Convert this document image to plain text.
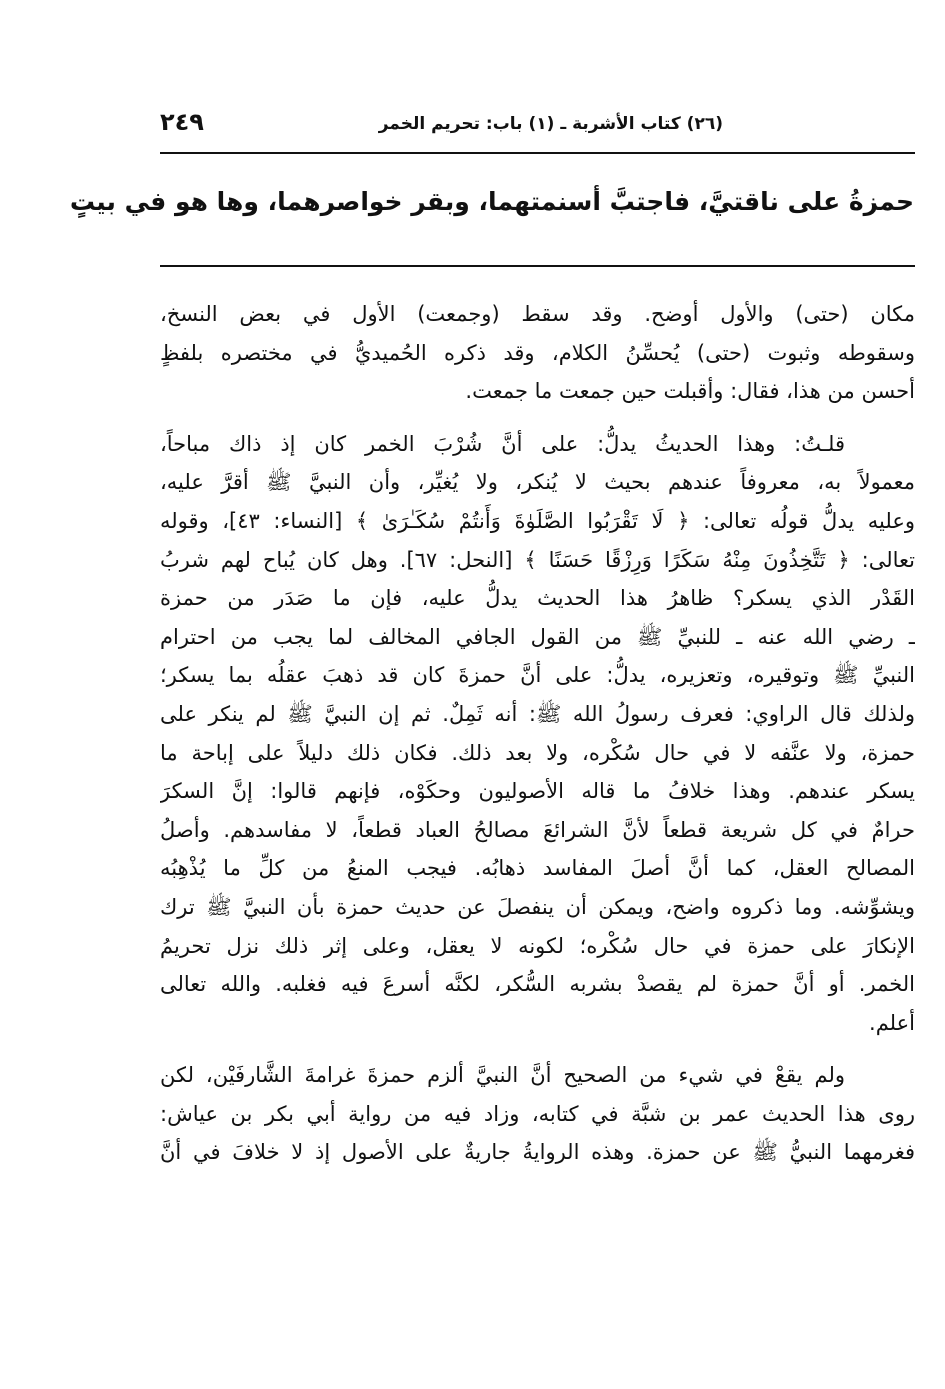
٢٤٩	(٢٦) كتاب الأشربة ـ (١) باب: تحريم الخمر
حمزةُ على ناقتيَّ، فاجتبَّ أسنمتهما، وبقر خواصرهما، وها هو في بيتٍ
مكان (حتى) والأول أوضح. وقد سقط (وجمعت) الأول في بعض النسخ،
وسقوطه وثبوت (حتى) يُحسِّنُ الكلام، وقد ذكره الحُميديُّ في مختصره بلفظٍ
أحسن من هذا، فقال: وأقبلت حين جمعت ما جمعت.
قلـتُ: وهذا الحديثُ يدلُّ: على أنَّ شُرْبَ الخمر كان إذ ذاك مباحاً،
معمولاً به، معروفاً عندهم بحيث لا يُنكر، ولا يُغيِّر، وأن النبيَّ ﷺ أقرَّ عليه،
وعليه يدلُّ قولُه تعالى: ﴿ لَا تَقْرَبُوا الصَّلَوٰةَ وَأَنتُمْ سُكَـٰرَىٰ ﴾ [النساء: ٤٣]، وقوله
تعالى: ﴿ تَتَّخِذُونَ مِنْهُ سَكَرًا وَرِزْقًا حَسَنًا ﴾ [النحل: ٦٧]. وهل كان يُباح لهم شربُ
القَدْر الذي يسكر؟ ظاهرُ هذا الحديث يدلُّ عليه، فإن ما صَدَر من حمزة
ـ رضي الله عنه ـ للنبيِّ ﷺ من القول الجافي المخالف لما يجب من احترام
النبيِّ ﷺ وتوقيره، وتعزيره، يدلُّ: على أنَّ حمزةَ كان قد ذهبَ عقلُه بما يسكر؛
ولذلك قال الراوي: فعرف رسولُ الله ﷺ: أنه ثَمِلٌ. ثم إن النبيَّ ﷺ لم ينكر على
حمزة، ولا عنَّفه لا في حال سُكْره، ولا بعد ذلك. فكان ذلك دليلاً على إباحة ما
يسكر عندهم. وهذا خلافُ ما قاله الأصوليون وحكَوْه، فإنهم قالوا: إنَّ السكرَ
حرامٌ في كل شريعة قطعاً لأنَّ الشرائعَ مصالحُ العباد قطعاً، لا مفاسدهم. وأصلُ
المصالح العقل، كما أنَّ أصلَ المفاسد ذهابُه. فيجب المنعُ من كلِّ ما يُذْهِبُه
ويشوِّشه. وما ذكروه واضح، ويمكن أن ينفصلَ عن حديث حمزة بأن النبيَّ ﷺ ترك
الإنكارَ على حمزة في حال سُكْره؛ لكونه لا يعقل، وعلى إثر ذلك نزل تحريمُ
الخمر. أو أنَّ حمزة لم يقصدْ بشربه السُّكر، لكنَّه أسرعَ فيه فغلبه. والله تعالى
أعلم.
ولم يقعْ في شيء من الصحيح أنَّ النبيَّ ألزم حمزةَ غرامةَ الشَّارفَيْن، لكن
روى هذا الحديث عمر بن شبَّة في كتابه، وزاد فيه من رواية أبي بكر بن عياش:
فغرمهما النبيُّ ﷺ عن حمزة. وهذه الروايةُ جاريةٌ على الأصول إذ لا خلافَ في أنَّ
